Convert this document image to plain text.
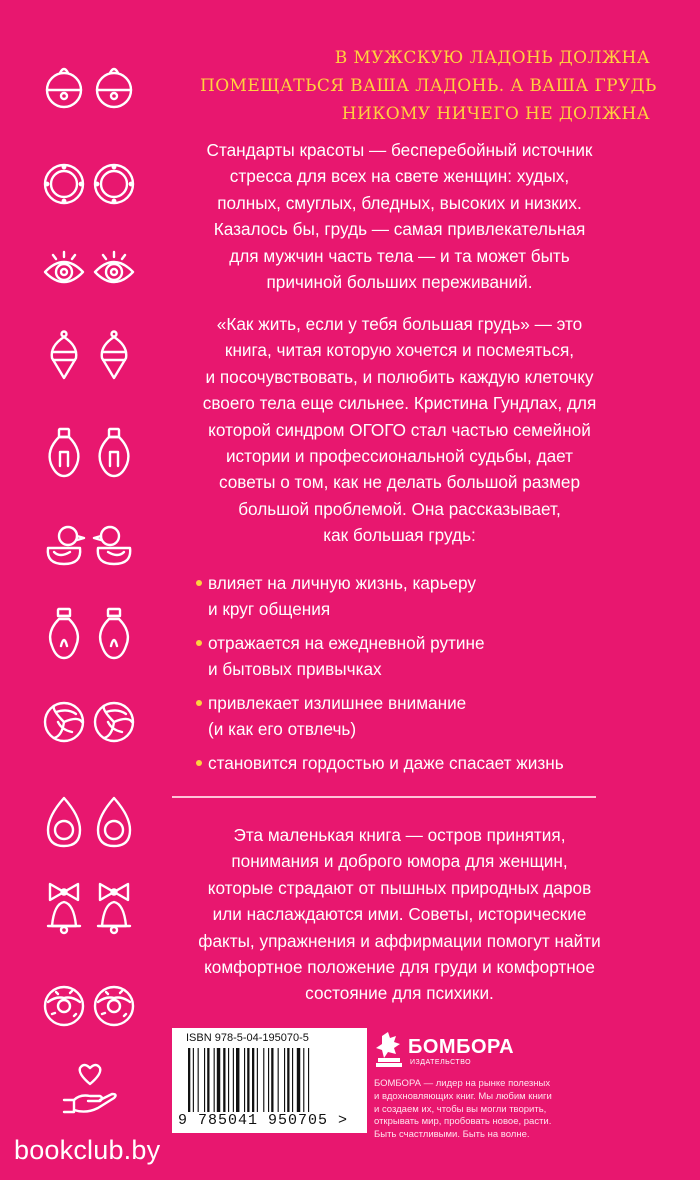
В МУЖСКУЮ ЛАДОНЬ ДОЛЖНА
ПОМЕЩАТЬСЯ ВАША ЛАДОНЬ. А ВАША ГРУДЬ
НИКОМУ НИЧЕГО НЕ ДОЛЖНА
Стандарты красоты — бесперебойный источник
стресса для всех на свете женщин: худых,
полных, смуглых, бледных, высоких и низких.
Казалось бы, грудь — самая привлекательная
для мужчин часть тела — и та может быть
причиной больших переживаний.
«Как жить, если у тебя большая грудь» — это
книга, читая которую хочется и посмеяться,
и посочувствовать, и полюбить каждую клеточку
своего тела еще сильнее. Кристина Гундлах, для
которой синдром ОГОГО стал частью семейной
истории и профессиональной судьбы, дает
советы о том, как не делать большой размер
большой проблемой. Она рассказывает,
как большая грудь:
влияет на личную жизнь, карьеру
и круг общения
отражается на ежедневной рутине
и бытовых привычках
привлекает излишнее внимание
(и как его отвлечь)
становится гордостью и даже спасает жизнь
Эта маленькая книга — остров принятия,
понимания и доброго юмора для женщин,
которые страдают от пышных природных даров
или наслаждаются ими. Советы, исторические
факты, упражнения и аффирмации помогут найти
комфортное положение для груди и комфортное
состояние для психики.
ISBN 978-5-04-195070-5
9 785041 950705 >
БОМБОРА
ИЗДАТЕЛЬСТВО
БОМБОРА — лидер на рынке полезных
и вдохновляющих книг. Мы любим книги
и создаем их, чтобы вы могли творить,
открывать мир, пробовать новое, расти.
Быть счастливыми. Быть на волне.
bookclub.by
